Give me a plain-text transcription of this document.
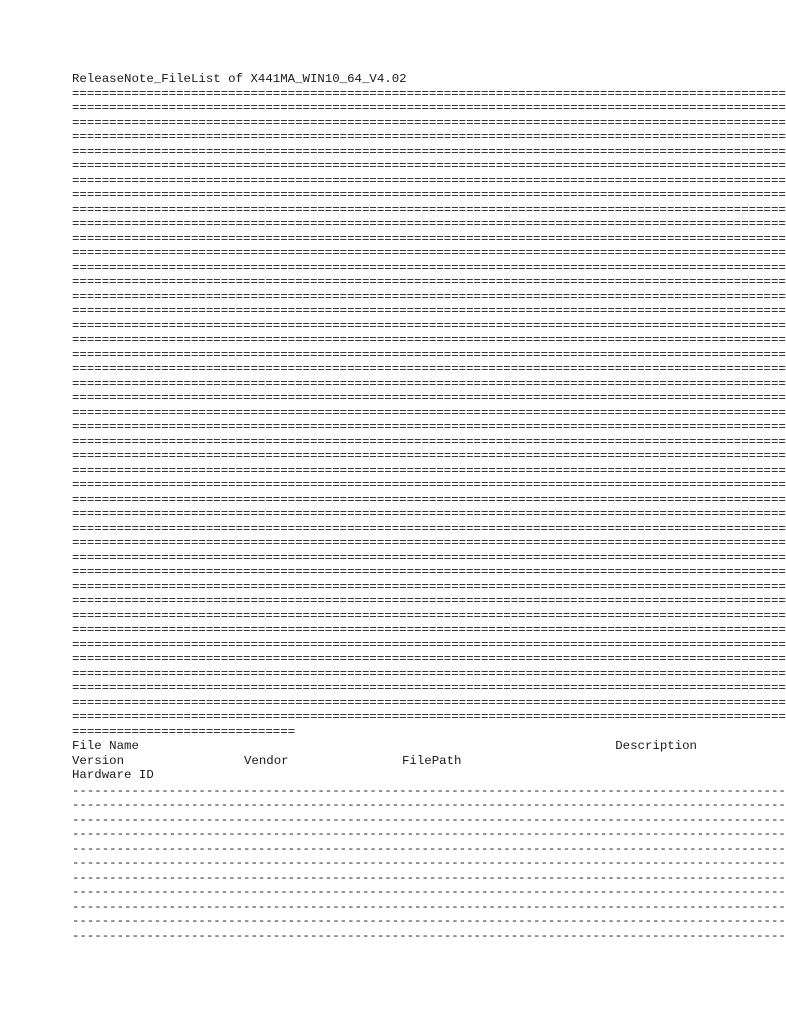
ReleaseNote_FileList of X441MA_WIN10_64_V4.02
================================================================================================
================================================================================================
================================================================================================
================================================================================================
================================================================================================
================================================================================================
================================================================================================
================================================================================================
================================================================================================
================================================================================================
================================================================================================
================================================================================================
================================================================================================
================================================================================================
================================================================================================
================================================================================================
================================================================================================
================================================================================================
================================================================================================
================================================================================================
================================================================================================
================================================================================================
================================================================================================
================================================================================================
================================================================================================
================================================================================================
================================================================================================
================================================================================================
================================================================================================
================================================================================================
================================================================================================
================================================================================================
================================================================================================
================================================================================================
================================================================================================
================================================================================================
================================================================================================
================================================================================================
================================================================================================
================================================================================================
================================================================================================
================================================================================================
================================================================================================
================================================================================================
==============================
File Name	Description
Version	Vendor	FilePath
Hardware ID
------------------------------------------------------------------------------------------------
------------------------------------------------------------------------------------------------
------------------------------------------------------------------------------------------------
------------------------------------------------------------------------------------------------
------------------------------------------------------------------------------------------------
------------------------------------------------------------------------------------------------
------------------------------------------------------------------------------------------------
------------------------------------------------------------------------------------------------
------------------------------------------------------------------------------------------------
------------------------------------------------------------------------------------------------
------------------------------------------------------------------------------------------------
